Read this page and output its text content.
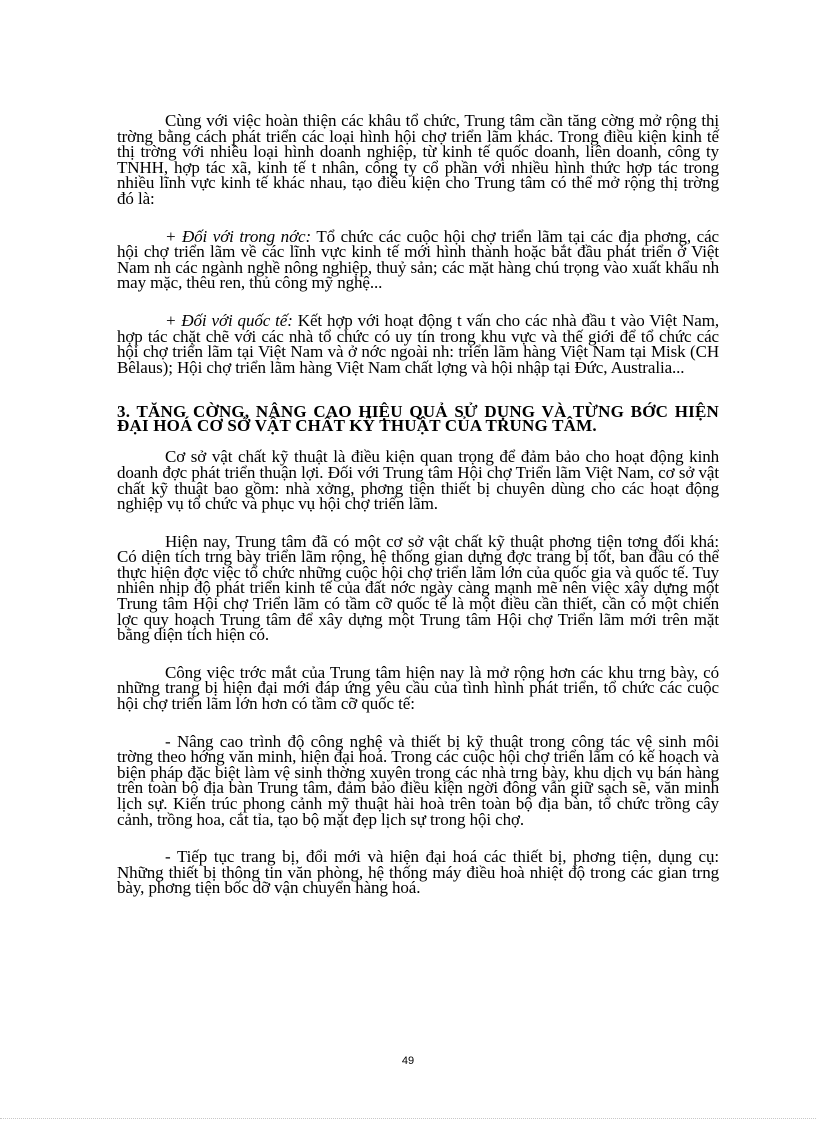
Cùng với việc hoàn thiện các khâu tổ chức, Trung tâm cần tăng cờng mở rộng thị trờng bằng cách phát triển các loại hình hội chợ triển lãm khác. Trong điều kiện kinh tế thị trờng với nhiều loại hình doanh nghiệp, từ kinh tế quốc doanh, liên doanh, công ty TNHH, hợp tác xã, kinh tế t nhân, công ty cổ phần với nhiều hình thức hợp tác trong nhiều lĩnh vực kinh tế khác nhau, tạo điều kiện cho Trung tâm có thể mở rộng thị trờng đó là:

+ Đối với trong nớc: Tổ chức các cuộc hội chợ triển lãm tại các địa phơng, các hội chợ triển lãm về các lĩnh vực kinh tế mới hình thành hoặc bắt đầu phát triển ở Việt Nam nh các ngành nghề nông nghiệp, thuỷ sản; các mặt hàng chú trọng vào xuất khẩu nh may mặc, thêu ren, thủ công mỹ nghệ...

+ Đối với quốc tế: Kết hợp với hoạt động t vấn cho các nhà đầu t vào Việt Nam, hợp tác chặt chẽ với các nhà tổ chức có uy tín trong khu vực và thế giới để tổ chức các hội chợ triển lãm tại Việt Nam và ở nớc ngoài nh: triển lãm hàng Việt Nam tại Misk (CH Bêlaus); Hội chợ triển lãm hàng Việt Nam chất lợng và hội nhập tại Đức, Australia...

3. TĂNG CỜNG, NÂNG CAO HIỆU QUẢ SỬ DỤNG VÀ TỪNG BỚC HIỆN ĐẠI HOÁ CƠ SỞ VẬT CHẤT KỸ THUẬT CỦA TRUNG TÂM.

Cơ sở vật chất kỹ thuật là điều kiện quan trọng để đảm bảo cho hoạt động kinh doanh đợc phát triển thuận lợi. Đối với Trung tâm Hội chợ Triển lãm Việt Nam, cơ sở vật chất kỹ thuật bao gồm: nhà xởng, phơng tiện thiết bị chuyên dùng cho các hoạt động nghiệp vụ tổ chức và phục vụ hội chợ triển lãm.

Hiện nay, Trung tâm đã có một cơ sở vật chất kỹ thuật phơng tiện tơng đối khá: Có diện tích trng bày triển lãm rộng, hệ thống gian dựng đợc trang bị tốt, ban đầu có thể thực hiện đợc việc tổ chức những cuộc hội chợ triển lãm lớn của quốc gia và quốc tế. Tuy nhiên nhịp độ phát triển kinh tế của đất nớc ngày càng mạnh mẽ nên việc xây dựng một Trung tâm Hội chợ Triển lãm có tầm cỡ quốc tế là một điều cần thiết, cần có một chiến lợc quy hoạch Trung tâm để xây dựng một Trung tâm Hội chợ Triển lãm mới trên mặt bằng diện tích hiện có.

Công việc trớc mắt của Trung tâm hiện nay là mở rộng hơn các khu trng bày, có những trang bị hiện đại mới đáp ứng yêu cầu của tình hình phát triển, tổ chức các cuộc hội chợ triển lãm lớn hơn có tầm cỡ quốc tế:

- Nâng cao trình độ công nghệ và thiết bị kỹ thuật trong công tác vệ sinh môi trờng theo hớng văn minh, hiện đại hoá. Trong các cuộc hội chợ triển lãm có kế hoạch và biện pháp đặc biệt làm vệ sinh thờng xuyên trong các nhà trng bày, khu dịch vụ bán hàng trên toàn bộ địa bàn Trung tâm, đảm bảo điều kiện ngời đông vẫn giữ sạch sẽ, văn minh lịch sự. Kiến trúc phong cảnh mỹ thuật hài hoà trên toàn bộ địa bàn, tổ chức trồng cây cảnh, trồng hoa, cắt tỉa, tạo bộ mặt đẹp lịch sự trong hội chợ.

- Tiếp tục trang bị, đổi mới và hiện đại hoá các thiết bị, phơng tiện, dụng cụ: Những thiết bị thông tin văn phòng, hệ thống máy điều hoà nhiệt độ trong các gian trng bày, phơng tiện bốc dỡ vận chuyển hàng hoá.

49
